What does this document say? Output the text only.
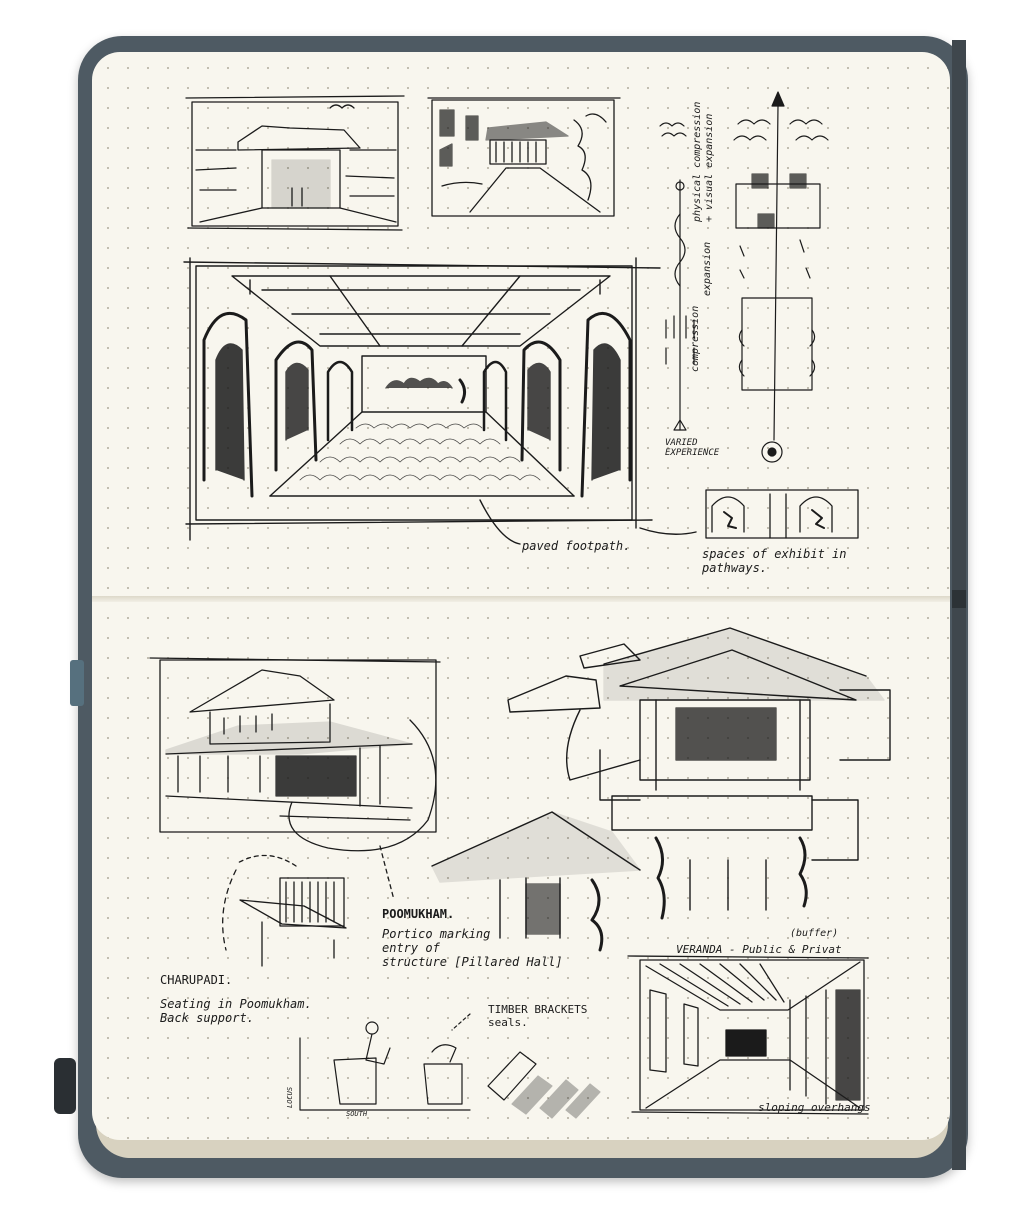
VARIED
EXPERIENCE
compression
expansion
physical compression
+ visual expansion
paved footpath.
spaces of exhibit in
pathways.
POOMUKHAM.
Portico marking
entry of
structure [Pillared Hall]
CHARUPADI.
Seating in Poomukham.
Back support.
TIMBER BRACKETS
seals.
VERANDA - Public & Privat
(buffer)
sloping overhangs
LOCUS
SOUTH
